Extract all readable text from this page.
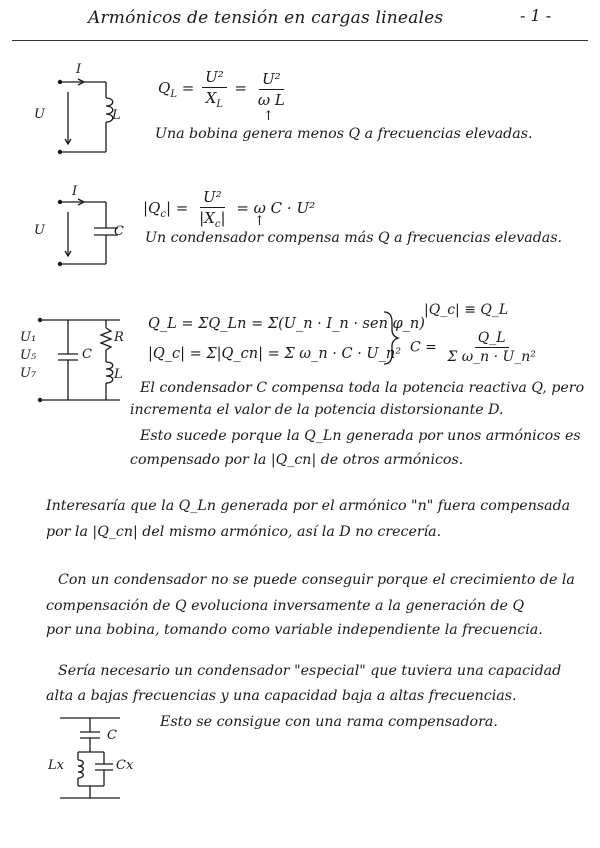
Armónicos de tensión en cargas lineales	- 1 -
I
U	L
$Q_L = \frac{\text{U²}}{X_L} = \frac{\text{U²}}{\text{ω L}}$
↑
Una bobina genera menos Q a frecuencias elevadas.
I
U	C
$|Q_c| = \frac{\text{U²}}{|X_c|} = \omega$ C · U²
↑
Un condensador compensa más Q a frecuencias elevadas.
U₁
U₅
U₇
C
R
L
Q_L = ΣQ_Ln = Σ(U_n · I_n · sen φ_n)
|Q_c| = Σ|Q_cn| = Σ ω_n · C · U_n²
|Q_c| ≡ Q_L
$C = \frac{Q\_L}{\text{Σ ω\_n · U\_n²}}$
El condensador C compensa toda la potencia reactiva Q, pero
incrementa el valor de la potencia distorsionante D.
Esto sucede porque la Q_Ln generada por unos armónicos es
compensado por la |Q_cn| de otros armónicos.
Interesaría que la Q_Ln generada por el armónico "n" fuera compensada
por la |Q_cn| del mismo armónico, así la D no crecería.
Con un condensador no se puede conseguir porque el crecimiento de la
compensación de Q evoluciona inversamente a la generación de Q
por una bobina, tomando como variable independiente la frecuencia.
Sería necesario un condensador "especial" que tuviera una capacidad
alta a bajas frecuencias y una capacidad baja a altas frecuencias.
Esto se consigue con una rama compensadora.
C
Lx	Cx
